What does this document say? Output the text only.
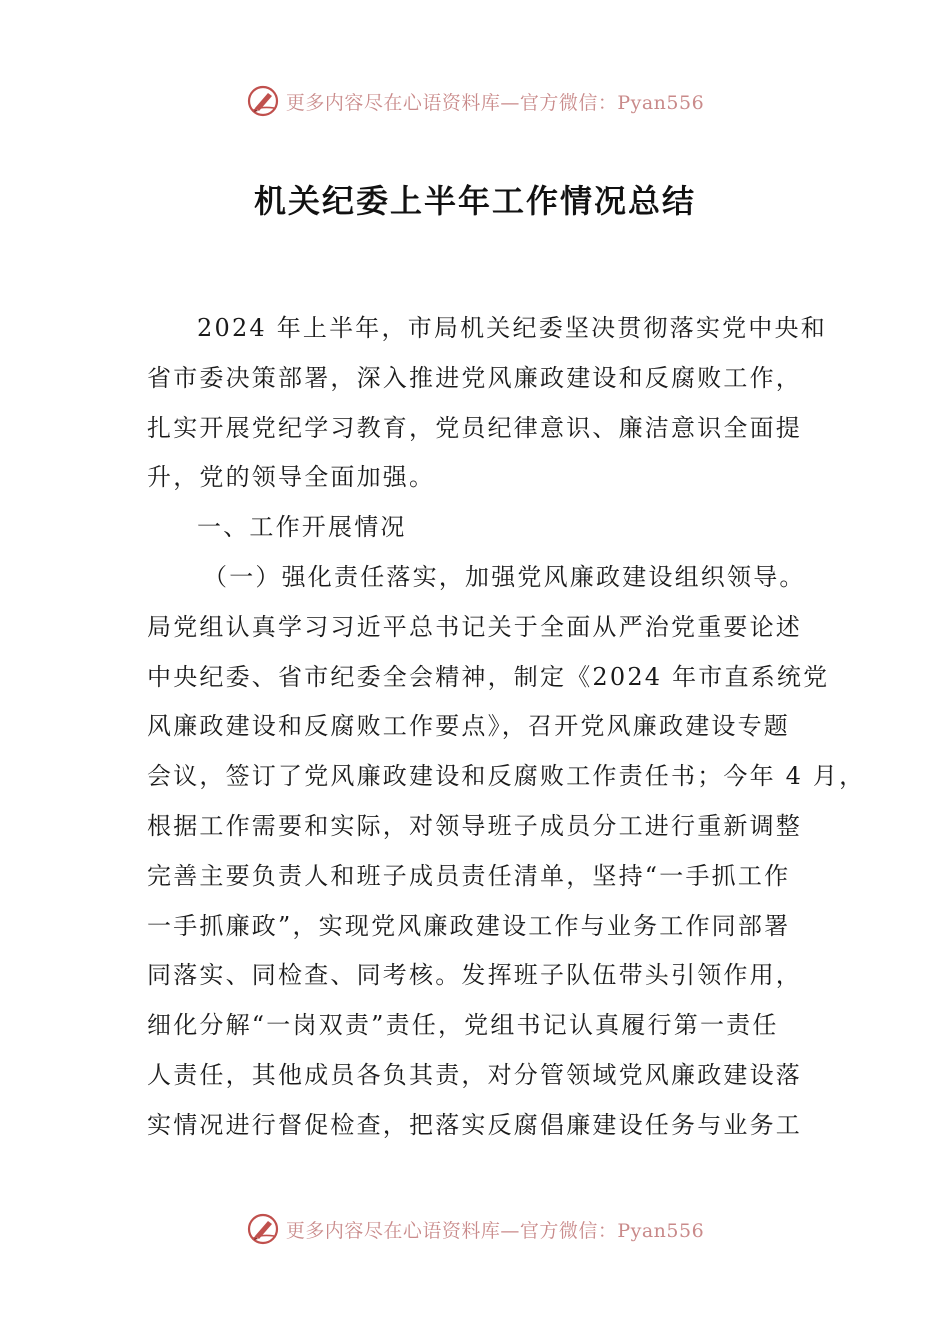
更多内容尽在心语资料库—官方微信：Pyan556
机关纪委上半年工作情况总结
2024 年上半年，市局机关纪委坚决贯彻落实党中央和
省市委决策部署，深入推进党风廉政建设和反腐败工作，
扎实开展党纪学习教育，党员纪律意识、廉洁意识全面提
升，党的领导全面加强。
一、工作开展情况
（一）强化责任落实，加强党风廉政建设组织领导。
局党组认真学习习近平总书记关于全面从严治党重要论述
中央纪委、省市纪委全会精神，制定《2024 年市直系统党
风廉政建设和反腐败工作要点》，召开党风廉政建设专题
会议，签订了党风廉政建设和反腐败工作责任书；今年 4 月，
根据工作需要和实际，对领导班子成员分工进行重新调整
完善主要负责人和班子成员责任清单，坚持“一手抓工作
一手抓廉政”，实现党风廉政建设工作与业务工作同部署
同落实、同检查、同考核。发挥班子队伍带头引领作用，
细化分解“一岗双责”责任，党组书记认真履行第一责任
人责任，其他成员各负其责，对分管领域党风廉政建设落
实情况进行督促检查，把落实反腐倡廉建设任务与业务工
更多内容尽在心语资料库—官方微信：Pyan556
